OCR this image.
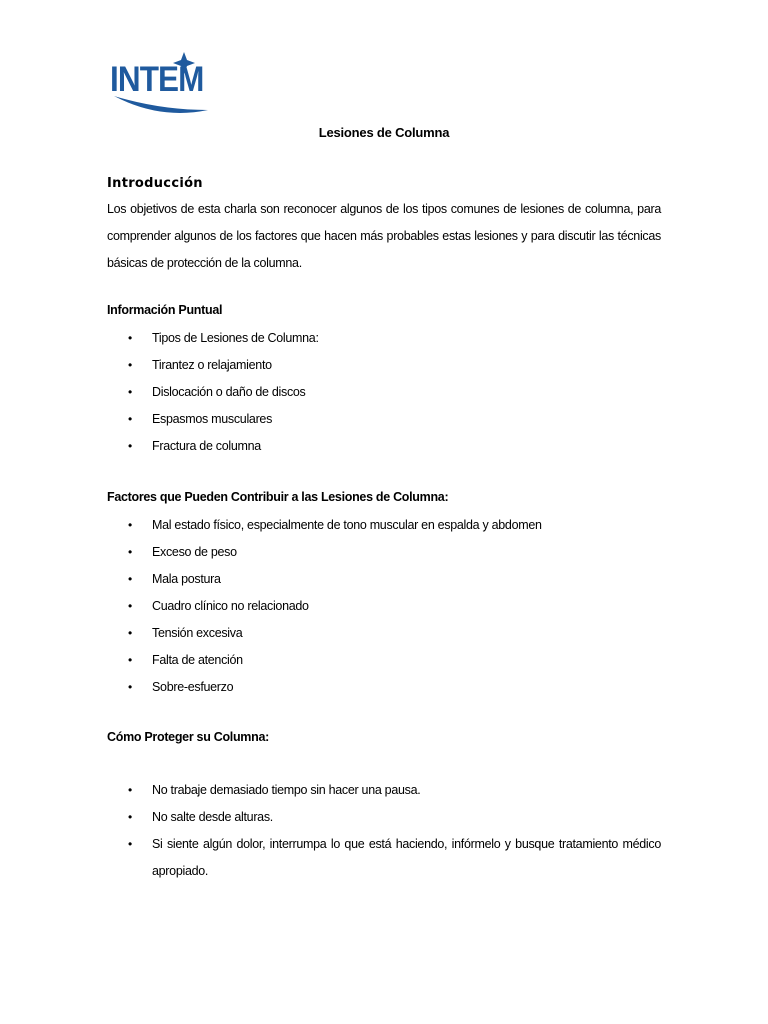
INTEM
Lesiones de Columna
Introducción
Los objetivos de esta charla son reconocer algunos de los tipos comunes de lesiones de columna, para comprender algunos de los factores que hacen más probables estas lesiones y para discutir las técnicas básicas de protección de la columna.
Información Puntual
• Tipos de Lesiones de Columna:
• Tirantez o relajamiento
• Dislocación o daño de discos
• Espasmos musculares
• Fractura de columna
Factores que Pueden Contribuir a las Lesiones de Columna:
• Mal estado físico, especialmente de tono muscular en espalda y abdomen
• Exceso de peso
• Mala postura
• Cuadro clínico no relacionado
• Tensión excesiva
• Falta de atención
• Sobre-esfuerzo
Cómo Proteger su Columna:
• No trabaje demasiado tiempo sin hacer una pausa.
• No salte desde alturas.
• Si siente algún dolor, interrumpa lo que está haciendo, infórmelo y busque tratamiento médico apropiado.
